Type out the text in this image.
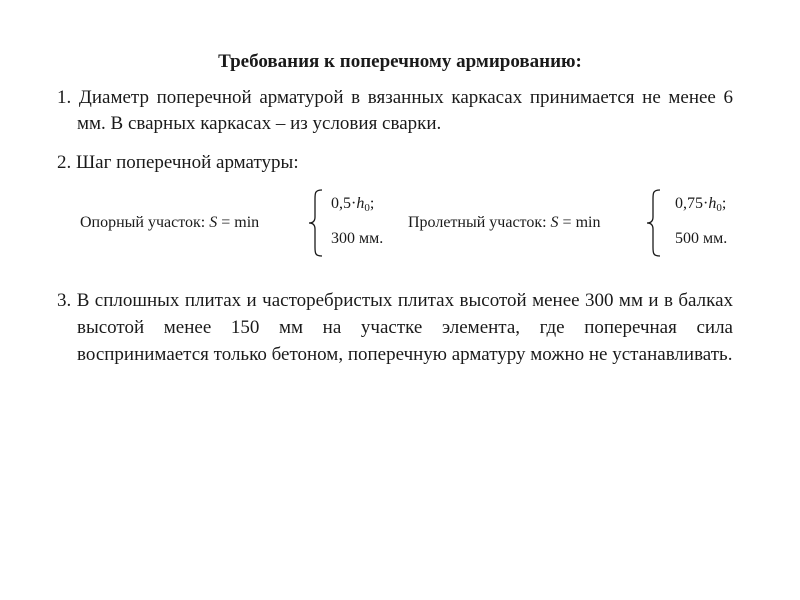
Требования к поперечному армированию:

1. Диаметр поперечной арматурой в вязанных каркасах принимается не менее 6 мм. В сварных каркасах – из условия сварки.

2. Шаг поперечной арматуры:

Опорный участок: S = min
$0,5\cdot h_0$;
300 мм.
Пролетный участок: S = min
$0,75\cdot h_0$;
500 мм.

3. В сплошных плитах и часторебристых плитах высотой менее 300 мм и в балках высотой менее 150 мм на участке элемента, где поперечная сила воспринимается только бетоном, поперечную арматуру можно не устанавливать.
